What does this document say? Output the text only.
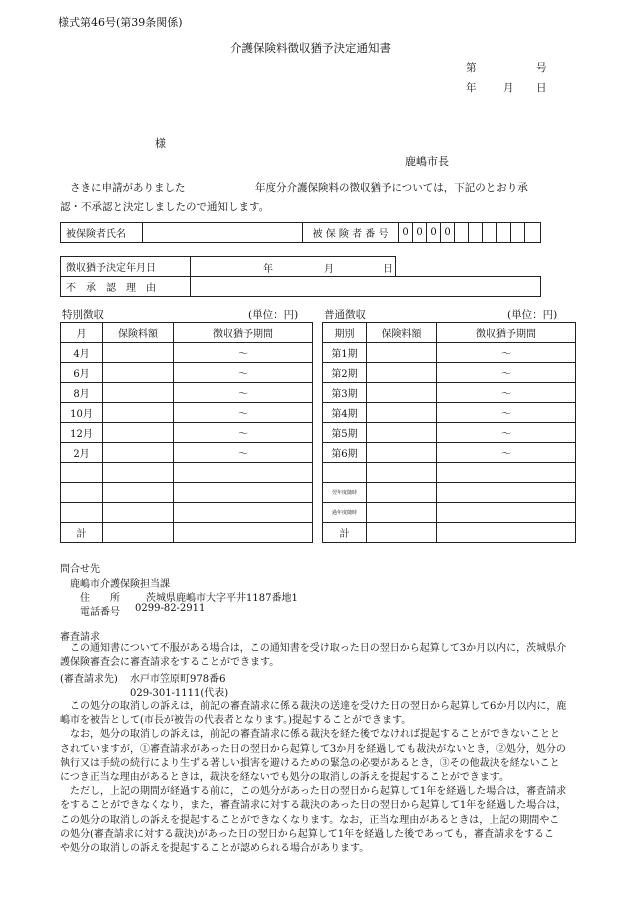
様式第46号(第39条関係)
介護保険料徴収猶予決定通知書
第	号
年	月 日
様
鹿嶋市長
さきに申請がありました	年度分介護保険料の徴収猶予については，下記のとおり承
認・不承認と決定しましたので通知します。
被保険者氏名		被 保 険 者 番 号	0	0	0	0						
徴収猶予決定年月日	年 月 日	

不　承　認　理　由		
特別徴収	(単位：円)
月	保険料額	徴収猶予期間
4月		～
6月		～
8月		～
10月		～
12月		～
2月		～

計		
普通徴収	(単位：円)
期別	保険料額	徴収猶予期間
第1期		～
第2期		～
第3期		～
第4期		～
第5期		～
第6期		～

翌年度随時		
過年度随時		
計		
問合せ先
鹿嶋市介護保険担当課
住　　所	茨城県鹿嶋市大字平井1187番地1
電話番号 0299-82-2911
審査請求

この通知書について不服がある場合は，この通知書を受け取った日の翌日から起算して3か月以内に，茨城県介

護保険審査会に審査請求をすることができます。

(審査請求先) 水戸市笠原町978番6
029-301-1111(代表)

この処分の取消しの訴えは，前記の審査請求に係る裁決の送達を受けた日の翌日から起算して6か月以内に，鹿

嶋市を被告として(市長が被告の代表者となります。)提起することができます。

なお，処分の取消しの訴えは，前記の審査請求に係る裁決を経た後でなければ提起することができないことと

されていますが，①審査請求があった日の翌日から起算して3か月を経過しても裁決がないとき，②処分，処分の

執行又は手続の続行により生ずる著しい損害を避けるための緊急の必要があるとき，③その他裁決を経ないこと

につき正当な理由があるときは，裁決を経ないでも処分の取消しの訴えを提起することができます。

ただし，上記の期間が経過する前に，この処分があった日の翌日から起算して1年を経過した場合は，審査請求

をすることができなくなり，また，審査請求に対する裁決のあった日の翌日から起算して1年を経過した場合は，

この処分の取消しの訴えを提起することができなくなります。なお，正当な理由があるときは，上記の期間やこ

の処分(審査請求に対する裁決)があった日の翌日から起算して1年を経過した後であっても，審査請求をするこ

や処分の取消しの訴えを提起することが認められる場合があります。
